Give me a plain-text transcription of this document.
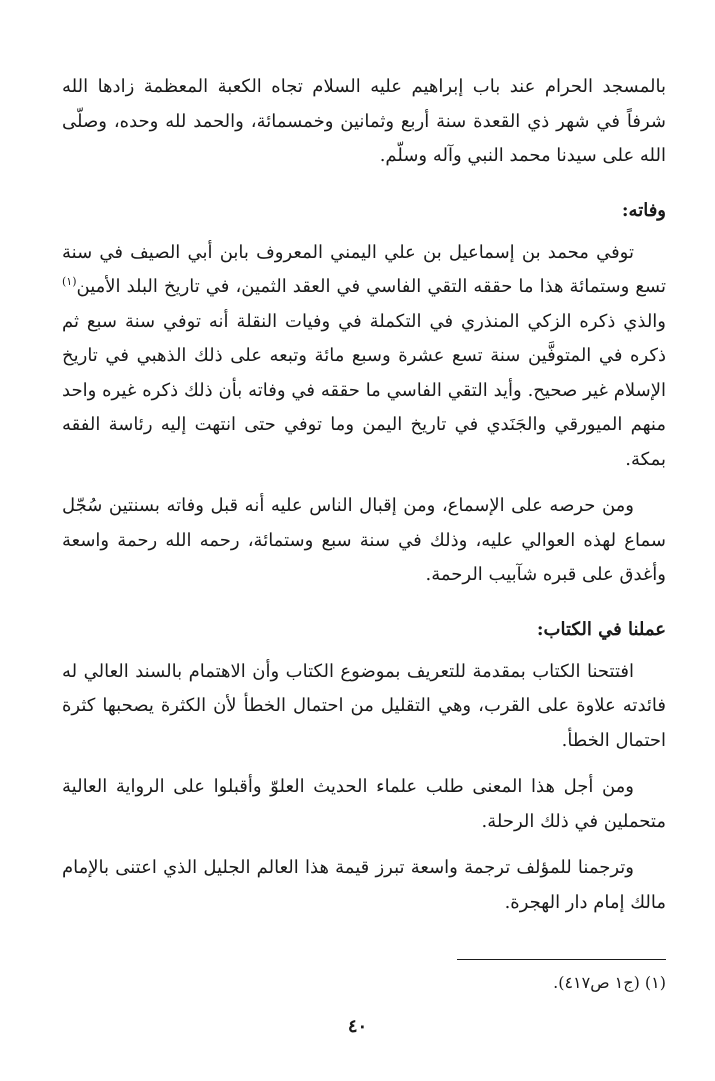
بالمسجد الحرام عند باب إبراهيم عليه السلام تجاه الكعبة المعظمة زادها الله شرفاً في شهر ذي القعدة سنة أربع وثمانين وخمسمائة، والحمد لله وحده، وصلّى الله على سيدنا محمد النبي وآله وسلّم.

وفاته:

توفي محمد بن إسماعيل بن علي اليمني المعروف بابن أبي الصيف في سنة تسع وستمائة هذا ما حققه التقي الفاسي في العقد الثمين، في تاريخ البلد الأمين$^{(١)}$ والذي ذكره الزكي المنذري في التكملة في وفيات النقلة أنه توفي سنة سبع ثم ذكره في المتوفَّين سنة تسع عشرة وسبع مائة وتبعه على ذلك الذهبي في تاريخ الإسلام غير صحيح. وأيد التقي الفاسي ما حققه في وفاته بأن ذلك ذكره غيره واحد منهم الميورقي والجَنَدي في تاريخ اليمن وما توفي حتى انتهت إليه رئاسة الفقه بمكة.

ومن حرصه على الإسماع، ومن إقبال الناس عليه أنه قبل وفاته بسنتين سُجّل سماع لهذه العوالي عليه، وذلك في سنة سبع وستمائة، رحمه الله رحمة واسعة وأغدق على قبره شآبيب الرحمة.

عملنا في الكتاب:

افتتحنا الكتاب بمقدمة للتعريف بموضوع الكتاب وأن الاهتمام بالسند العالي له فائدته علاوة على القرب، وهي التقليل من احتمال الخطأ لأن الكثرة يصحبها كثرة احتمال الخطأ.

ومن أجل هذا المعنى طلب علماء الحديث العلوّ وأقبلوا على الرواية العالية متحملين في ذلك الرحلة.

وترجمنا للمؤلف ترجمة واسعة تبرز قيمة هذا العالم الجليل الذي اعتنى بالإمام مالك إمام دار الهجرة.

(١) (ج١ ص٤١٧).

٤٠
